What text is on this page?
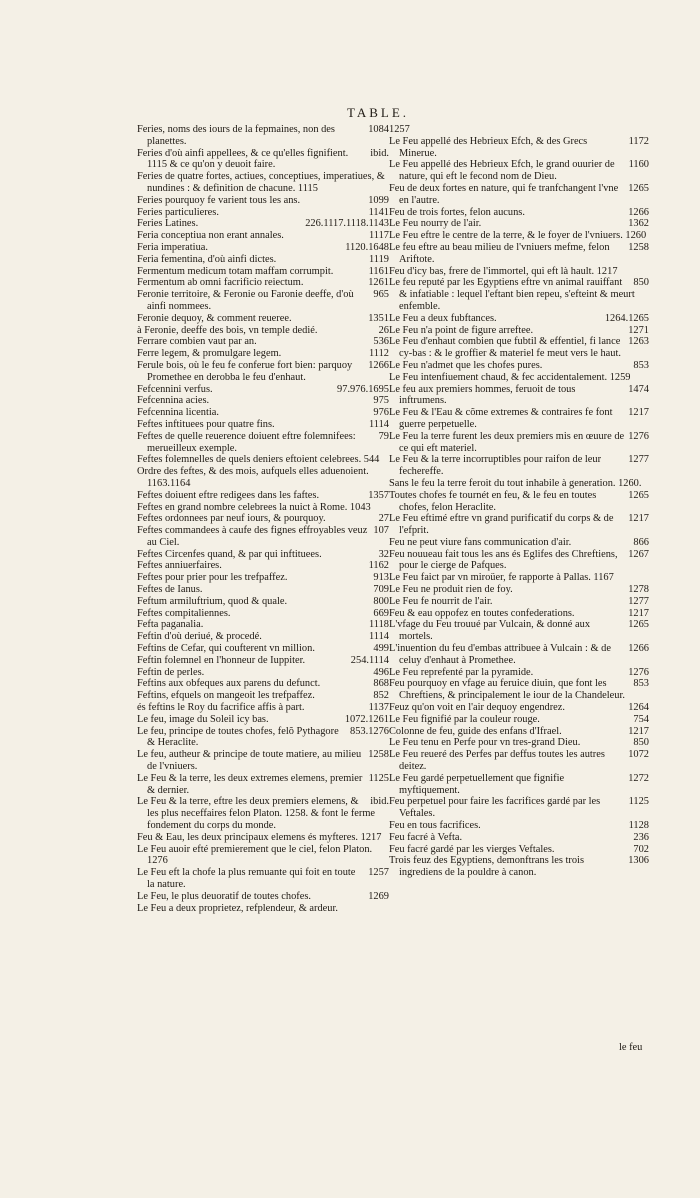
TABLE.

1084
Feries, noms des iours de la fepmaines, non des planettes.

ibid.
Feries d'où ainfi appellees, & ce qu'elles fignifient. 1115 & ce qu'on y deuoit faire.

Feries de quatre fortes, actiues, conceptiues, imperatiues, & nundines : & definition de chacune. 1115

1099
Feries pourquoy fe varient tous les ans.

1141
Feries particulieres.

226.1117.1118.1143
Feries Latines.

1117
Feria conceptiua non erant annales.

1120.1648
Feria imperatiua.

1119
Feria fementina, d'où ainfi dictes.

1161
Fermentum medicum totam maffam corrumpit.

1261
Fermentum ab omni facrificio reiectum.

965
Feronie territoire, & Feronie ou Faronie deeffe, d'où ainfi nommees.

1351
Feronie dequoy, & comment reueree.

26
à Feronie, deeffe des bois, vn temple dedié.

536
Ferrare combien vaut par an.

1112
Ferre legem, & promulgare legem.

1266
Ferule bois, où le feu fe conferue fort bien: parquoy Promethee en derobba le feu d'enhaut.

97.976.1695
Fefcennini verfus.

975
Fefcennina acies.

976
Fefcennina licentia.

1114
Feftes inftituees pour quatre fins.

79
Feftes de quelle reuerence doiuent eftre folemnifees: merueilleux exemple.

Feftes folemnelles de quels deniers eftoient celebrees. 544

Ordre des feftes, & des mois, aufquels elles aduenoient. 1163.1164

1357
Feftes doiuent eftre redigees dans les faftes.

Feftes en grand nombre celebrees la nuict à Rome. 1043

27
Feftes ordonnees par neuf iours, & pourquoy.

107
Feftes commandees à caufe des fignes effroyables veuz au Ciel.

32
Feftes Circenfes quand, & par qui inftituees.

1162
Feftes anniuerfaires.

913
Feftes pour prier pour les trefpaffez.

709
Feftes de Ianus.

800
Feftum armiluftrium, quod & quale.

669
Feftes compitaliennes.

1118
Fefta paganalia.

1114
Feftin d'où deriué, & procedé.

499
Feftins de Cefar, qui coufterent vn million.

254.1114
Feftin folemnel en l'honneur de Iuppiter.

496
Feftin de perles.

868
Feftins aux obfeques aux parens du defunct.

852
Feftins, efquels on mangeoit les trefpaffez.

1137
és feftins le Roy du facrifice affis à part.

1072.1261
Le feu, image du Soleil icy bas.

853.1276
Le feu, principe de toutes chofes, felõ Pythagore & Heraclite.

1258
Le feu, autheur & principe de toute matiere, au milieu de l'vniuers.

1125
Le Feu & la terre, les deux extremes elemens, premier & dernier.

ibid.
Le Feu & la terre, eftre les deux premiers elemens, & les plus neceffaires felon Platon. 1258. & font le ferme fondement du corps du monde.

Feu & Eau, les deux principaux elemens és myfteres. 1217

Le Feu auoir efté premierement que le ciel, felon Platon. 1276

1257
Le Feu eft la chofe la plus remuante qui foit en toute la nature.

1269
Le Feu, le plus deuoratif de toutes chofes.

Le Feu a deux proprietez, refplendeur, & ardeur.

1257

1172
Le Feu appellé des Hebrieux Efch, & des Grecs Minerue.

1160
Le Feu appellé des Hebrieux Efch, le grand ouurier de nature, qui eft le fecond nom de Dieu.

1265
Feu de deux fortes en nature, qui fe tranfchangent l'vne en l'autre.

1266
Feu de trois fortes, felon aucuns.

1362
Le Feu nourry de l'air.

Le Feu eftre le centre de la terre, & le foyer de l'vniuers. 1260

1258
Le feu eftre au beau milieu de l'vniuers mefme, felon Ariftote.

Feu d'icy bas, frere de l'immortel, qui eft là hault. 1217

850
Le feu reputé par les Egyptiens eftre vn animal rauiffant & infatiable : lequel l'eftant bien repeu, s'efteint & meurt enfemble.

1264.1265
Le Feu a deux fubftances.

1271
Le Feu n'a point de figure arreftee.

1263
Le Feu d'enhaut combien que fubtil & effentiel, fi lance cy-bas : & le groffier & materiel fe meut vers le haut.

853
Le Feu n'admet que les chofes pures.

Le Feu intenfiuement chaud, & fec accidentalement. 1259

1474
Le feu aux premiers hommes, feruoit de tous inftrumens.

1217
Le Feu & l'Eau & cõme extremes & contraires fe font guerre perpetuelle.

1276
Le Feu la terre furent les deux premiers mis en œuure de ce qui eft materiel.

1277
Le Feu & la terre incorruptibles pour raifon de leur fechereffe.

Sans le feu la terre feroit du tout inhabile à generation. 1260.

1265
Toutes chofes fe tournét en feu, & le feu en toutes chofes, felon Heraclite.

1217
Le Feu eftimé eftre vn grand purificatif du corps & de l'efprit.

866
Feu ne peut viure fans communication d'air.

1267
Feu nouueau fait tous les ans és Eglifes des Chreftiens, pour le cierge de Pafques.

Le Feu faict par vn miroüer, fe rapporte à Pallas. 1167

1278
Le Feu ne produit rien de foy.

1277
Le Feu fe nourrit de l'air.

1217
Feu & eau oppofez en toutes confederations.

1265
L'vfage du Feu trouué par Vulcain, & donné aux mortels.

1266
L'inuention du feu d'embas attribuee à Vulcain : & de celuy d'enhaut à Promethee.

1276
Le Feu reprefenté par la pyramide.

853
Feu pourquoy en vfage au feruice diuin, que font les Chreftiens, & principalement le iour de la Chandeleur.

1264
Feuz qu'on voit en l'air dequoy engendrez.

754
Le Feu fignifié par la couleur rouge.

1217
Colonne de feu, guide des enfans d'Ifrael.

850
Le Feu tenu en Perfe pour vn tres-grand Dieu.

1072
Le Feu reueré des Perfes par deffus toutes les autres deitez.

1272
Le Feu gardé perpetuellement que fignifie myftiquement.

1125
Feu perpetuel pour faire les facrifices gardé par les Veftales.

1128
Feu en tous facrifices.

236
Feu facré à Vefta.

702
Feu facré gardé par les vierges Veftales.

1306
Trois feuz des Egyptiens, demonftrans les trois ingrediens de la pouldre à canon.

le feu
